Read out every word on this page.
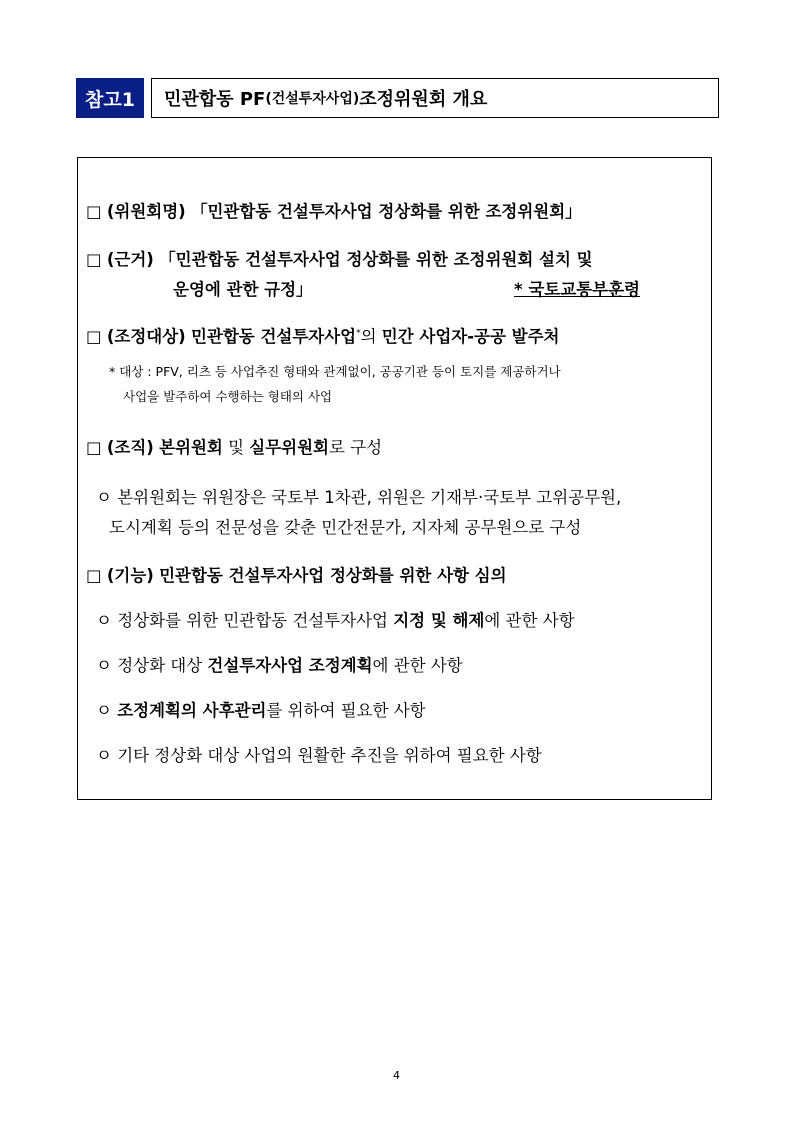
참고1	민관합동 PF (건설투자사업) 조정위원회 개요
□ (위원회명) 「민관합동 건설투자사업 정상화를 위한 조정위원회」
□ (근거) 「민관합동 건설투자사업 정상화를 위한 조정위원회 설치 및
운영에 관한 규정」	* 국토교통부훈령
□ (조정대상) 민관합동 건설투자사업*의 민간 사업자-공공 발주처
* 대상 : PFV, 리츠 등 사업추진 형태와 관계없이, 공공기관 등이 토지를 제공하거나
사업을 발주하여 수행하는 형태의 사업
□ (조직) 본위원회 및 실무위원회로 구성
ㅇ 본위원회는 위원장은 국토부 1차관, 위원은 기재부·국토부 고위공무원,
도시계획 등의 전문성을 갖춘 민간전문가, 지자체 공무원으로 구성
□ (기능) 민관합동 건설투자사업 정상화를 위한 사항 심의
ㅇ 정상화를 위한 민관합동 건설투자사업 지정 및 해제에 관한 사항
ㅇ 정상화 대상 건설투자사업 조정계획에 관한 사항
ㅇ 조정계획의 사후관리를 위하여 필요한 사항
ㅇ 기타 정상화 대상 사업의 원활한 추진을 위하여 필요한 사항
4
